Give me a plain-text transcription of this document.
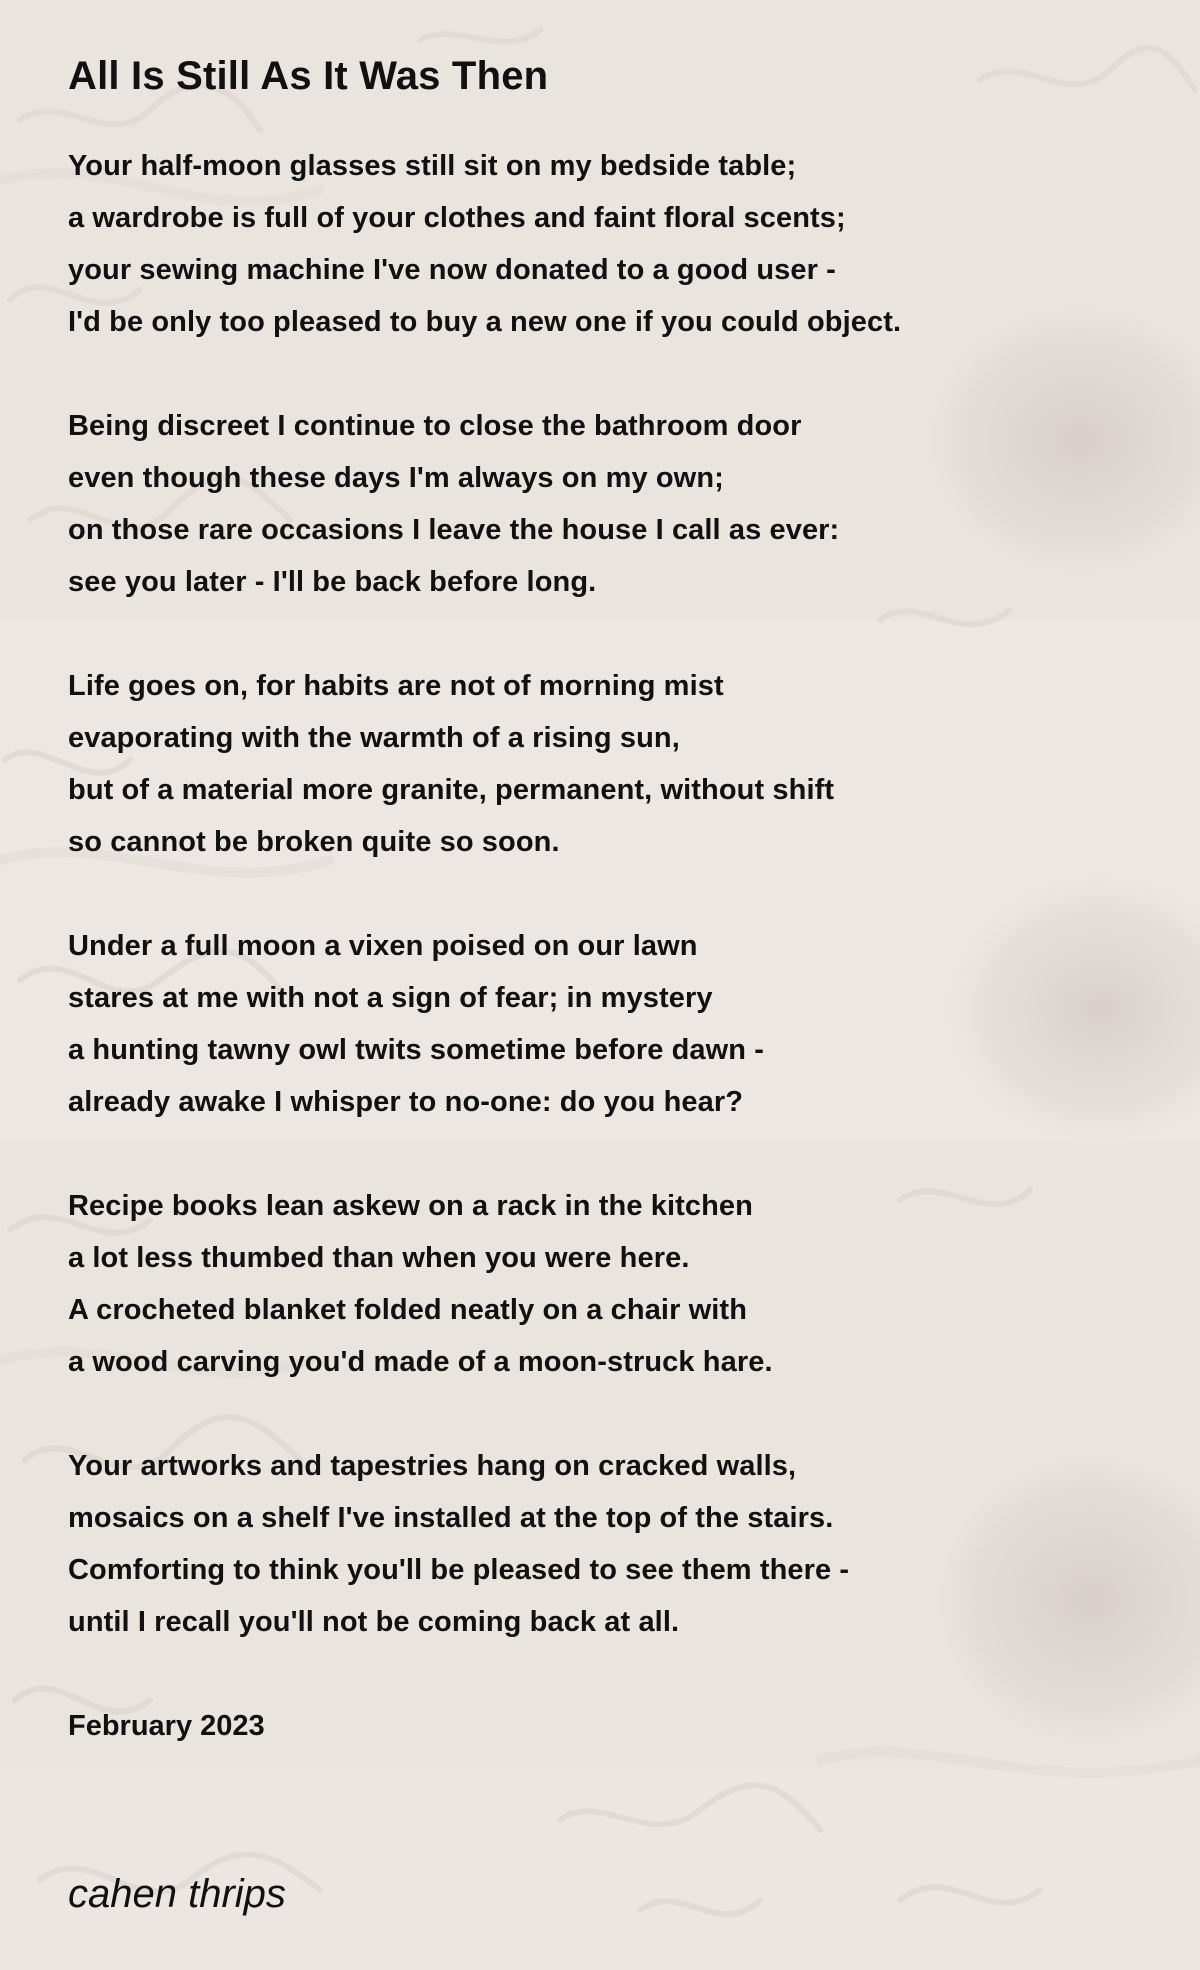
All Is Still As It Was Then
Your half-moon glasses still sit on my bedside table;
a wardrobe is full of your clothes and faint floral scents;
your sewing machine I've now donated to a good user -
I'd be only too pleased to buy a new one if you could object.
Being discreet I continue to close the bathroom door
even though these days I'm always on my own;
on those rare occasions I leave the house I call as ever:
see you later - I'll be back before long.
Life goes on, for habits are not of morning mist
evaporating with the warmth of a rising sun,
but of a material more granite, permanent, without shift
so cannot be broken quite so soon.
Under a full moon a vixen poised on our lawn
stares at me with not a sign of fear; in mystery
a hunting tawny owl twits sometime before dawn -
already awake I whisper to no-one: do you hear?
Recipe books lean askew on a rack in the kitchen
a lot less thumbed than when you were here.
A crocheted blanket folded neatly on a chair with
a wood carving you'd made of a moon-struck hare.
Your artworks and tapestries hang on cracked walls,
mosaics on a shelf I've installed at the top of the stairs.
Comforting to think you'll be pleased to see them there -
until I recall you'll not be coming back at all.
February 2023
cahen thrips
